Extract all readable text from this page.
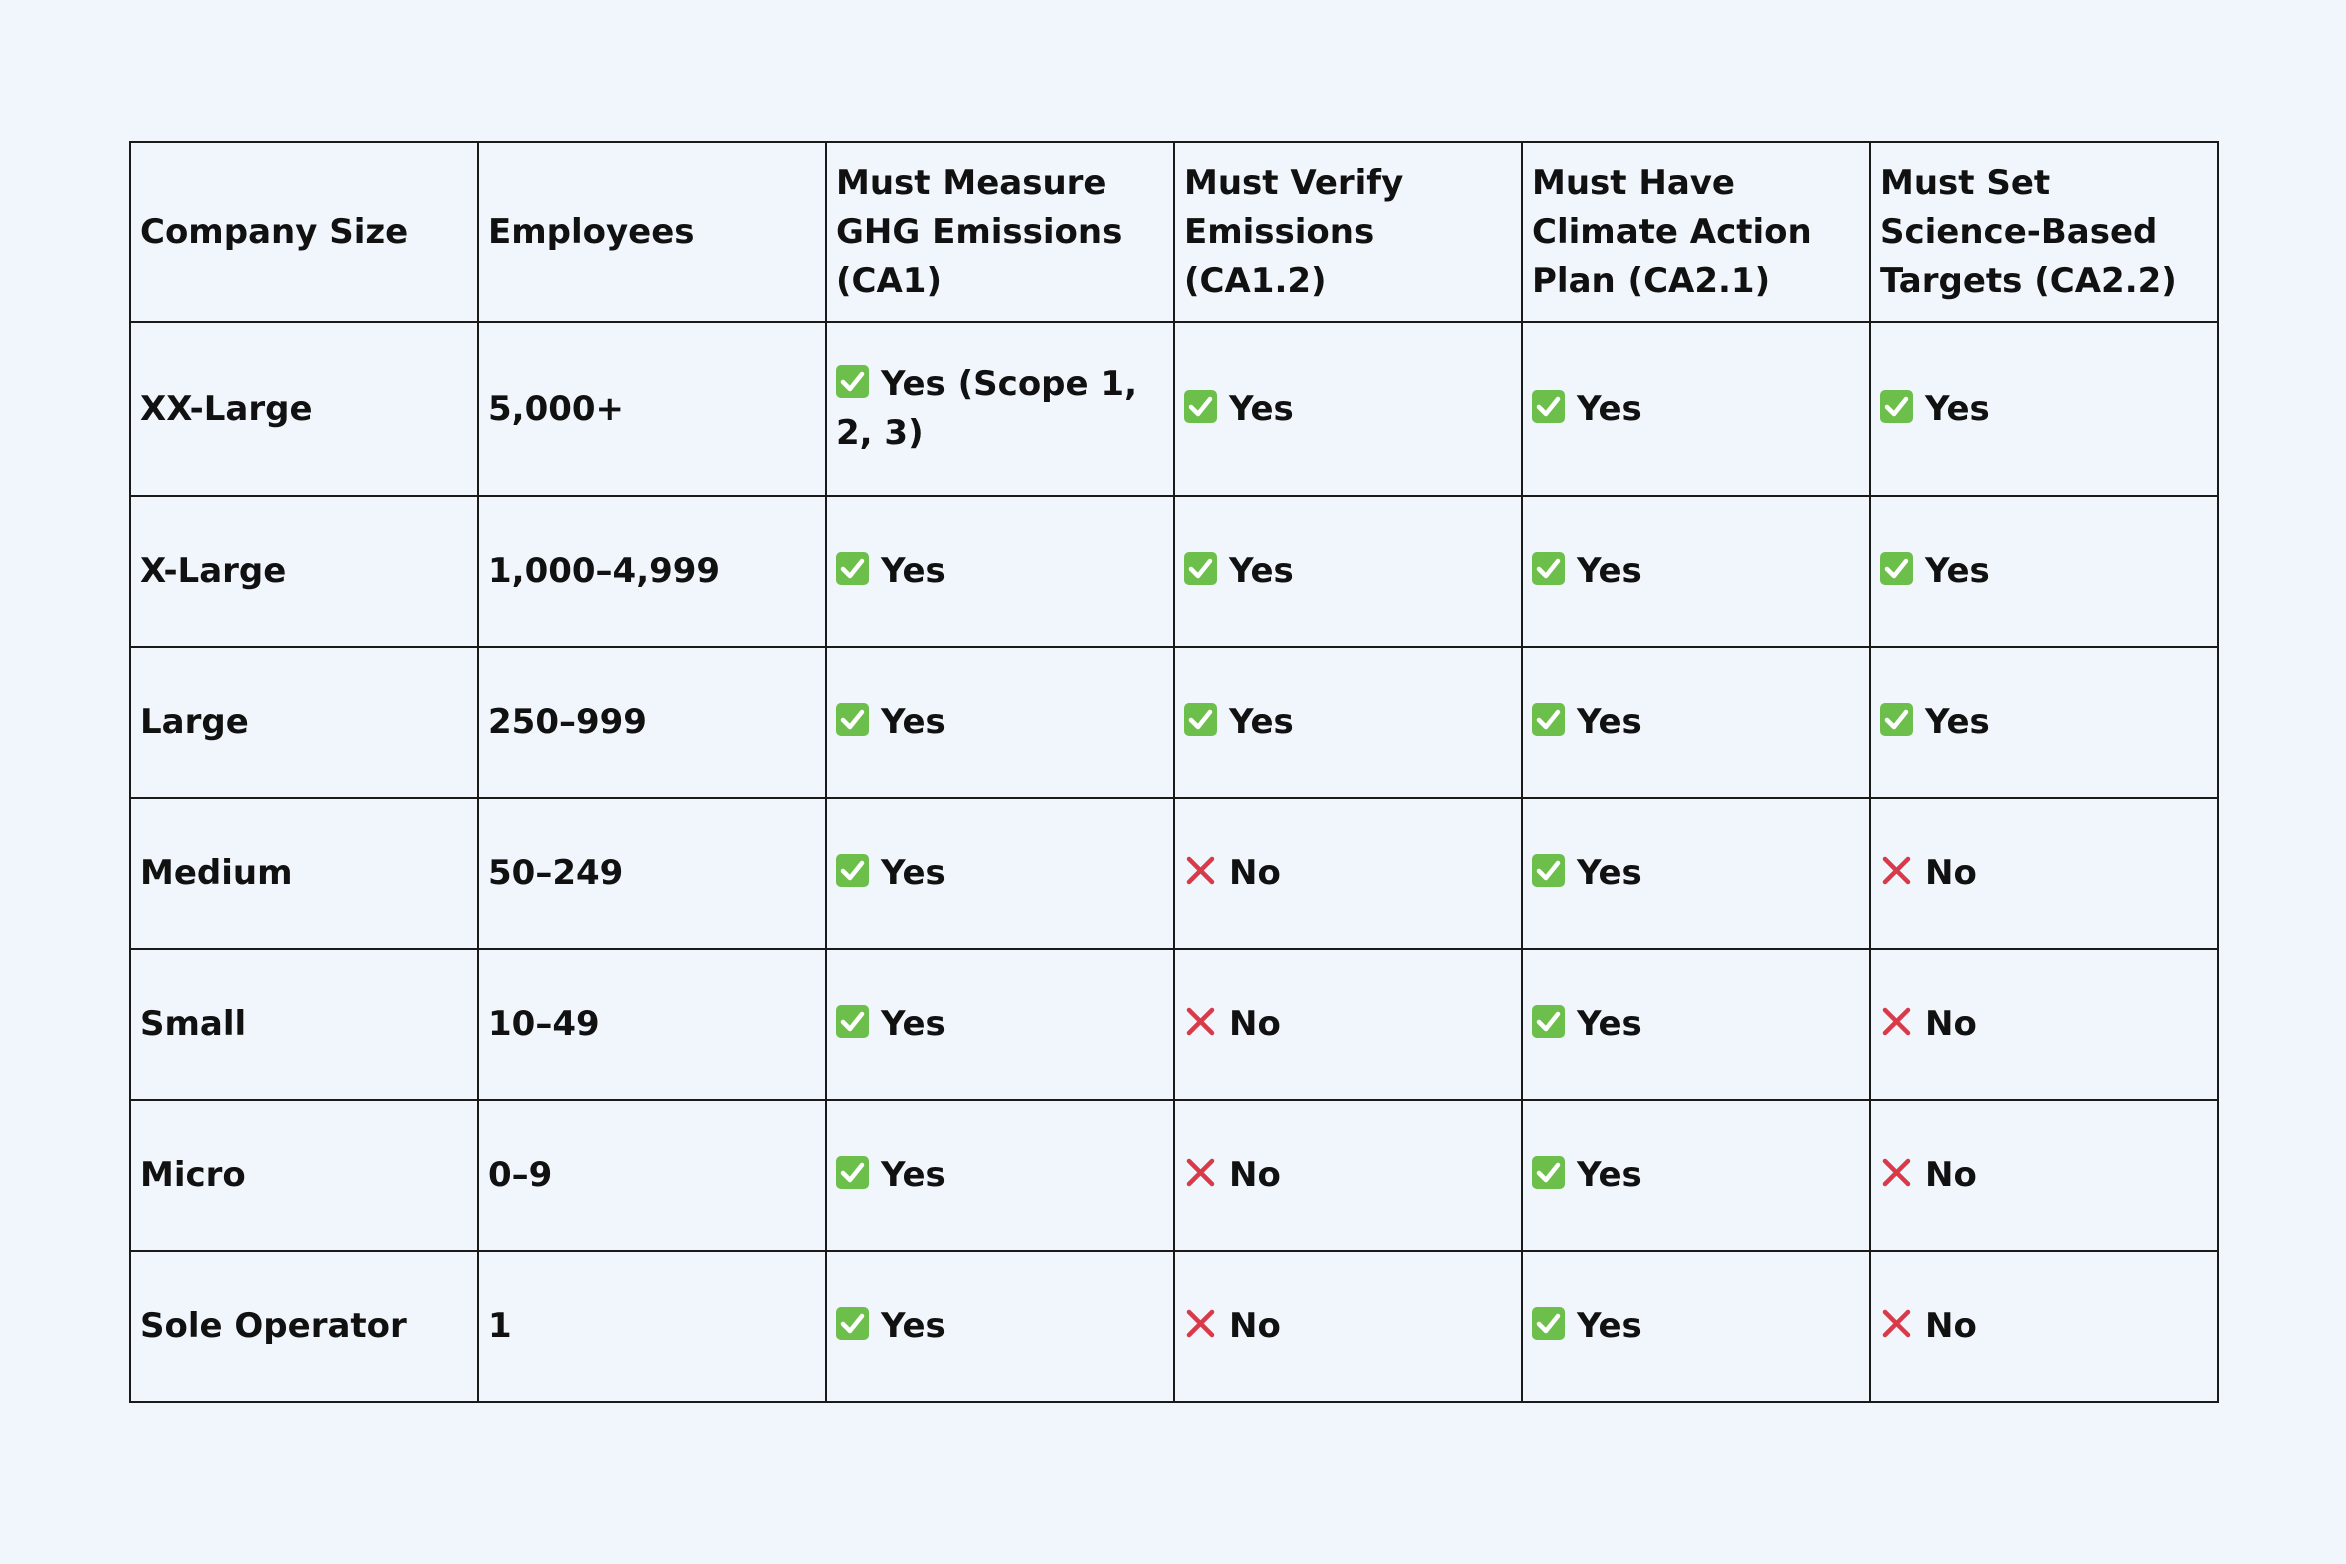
Company Size	Employees	Must Measure GHG Emissions (CA1)	Must Verify Emissions (CA1.2)	Must Have Climate Action Plan (CA2.1)	Must Set Science-Based Targets (CA2.2)
XX-Large	5,000+	Yes (Scope 1, 2, 3)	Yes	Yes	Yes
X-Large	1,000–4,999	Yes	Yes	Yes	Yes
Large	250–999	Yes	Yes	Yes	Yes
Medium	50–249	Yes	No	Yes	No
Small	10–49	Yes	No	Yes	No
Micro	0–9	Yes	No	Yes	No
Sole Operator	1	Yes	No	Yes	No
